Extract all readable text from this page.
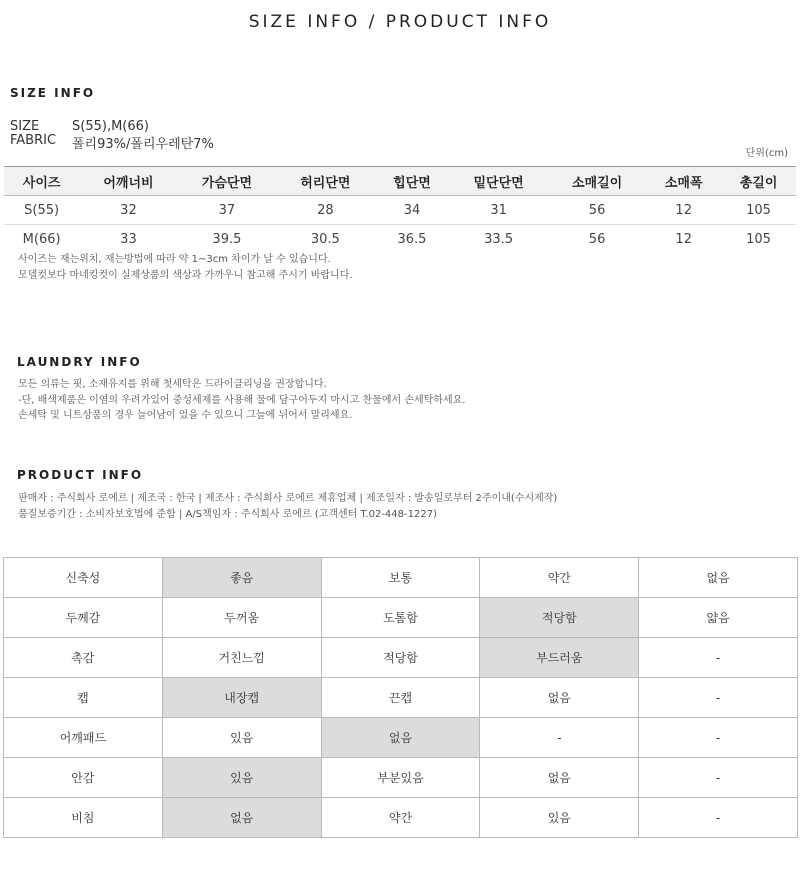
SIZE INFO / PRODUCT INFO
SIZE INFO
SIZE	S(55),M(66)
FABRIC	폴리93%/폴리우레탄7%
단위(cm)
사이즈	어깨너비	가슴단면	허리단면	힙단면	밑단단면	소매길이	소매폭	총길이
S(55)	32	37	28	34	31	56	12	105
M(66)	33	39.5	30.5	36.5	33.5	56	12	105
사이즈는 재는위치, 재는방법에 따라 약 1~3cm 차이가 날 수 있습니다.
모델컷보다 마네킹컷이 실제상품의 색상과 가까우니 참고해 주시기 바랍니다.
LAUNDRY INFO
모든 의류는 핏, 소재유지를 위해 첫세탁은 드라이클리닝을 권장합니다.
-단, 배색제품은 이염의 우려가있어 중성세제를 사용해 물에 담구어두지 마시고 찬물에서 손세탁하세요.
손세탁 및 니트상품의 경우 늘어남이 었을 수 있으니 그늘에 뉘어서 말리세요.
PRODUCT INFO
판매자 : 주식회사 로에르 | 제조국 : 한국 | 제조사 : 주식회사 로에르 제휴업체 | 제조일자 : 발송일로부터 2주이내(수시제작)
품질보증기간 : 소비자보호법에 준함 | A/S책임자 : 주식회사 로에르 (고객센터 T.02-448-1227)
신축성	좋음	보통	약간	없음
두께감	두꺼움	도톰함	적당함	얇음
촉감	거친느낌	적당함	부드러움	-
캡	내장캡	끈캡	없음	-
어깨패드	있음	없음	-	-
안감	있음	부분있음	없음	-
비침	없음	약간	있음	-
